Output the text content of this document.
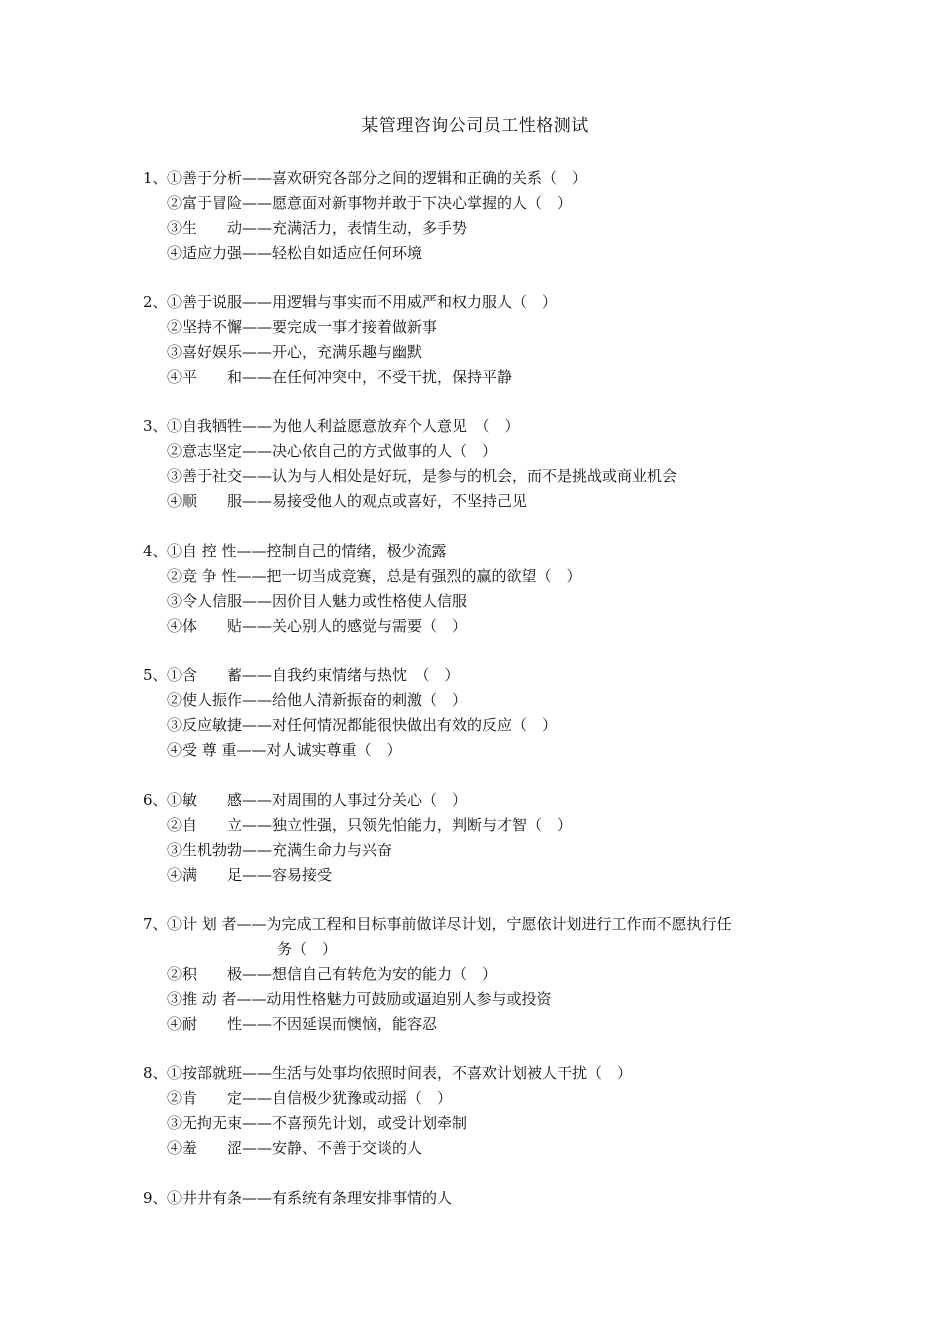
某管理咨询公司员工性格测试
1、①善于分析——喜欢研究各部分之间的逻辑和正确的关系（　）
②富于冒险——愿意面对新事物并敢于下决心掌握的人（　）
③生　　动——充满活力，表情生动，多手势
④适应力强——轻松自如适应任何环境
2、①善于说服——用逻辑与事实而不用威严和权力服人（　）
②坚持不懈——要完成一事才接着做新事
③喜好娱乐——开心，充满乐趣与幽默
④平　　和——在任何冲突中，不受干扰，保持平静
3、①自我牺牲——为他人利益愿意放弃个人意见　（　）
②意志坚定——决心依自己的方式做事的人（　）
③善于社交——认为与人相处是好玩，是参与的机会，而不是挑战或商业机会
④顺　　服——易接受他人的观点或喜好，不坚持己见
4、①自 控 性——控制自己的情绪，极少流露
②竞 争 性——把一切当成竞赛，总是有强烈的赢的欲望（　）
③令人信服——因价目人魅力或性格使人信服
④体　　贴——关心别人的感觉与需要（　）
5、①含　　蓄——自我约束情绪与热忱　（　）
②使人振作——给他人清新振奋的刺激（　）
③反应敏捷——对任何情况都能很快做出有效的反应（　）
④受 尊 重——对人诚实尊重（　）
6、①敏　　感——对周围的人事过分关心（　）
②自　　立——独立性强，只领先怕能力，判断与才智（　）
③生机勃勃——充满生命力与兴奋
④满　　足——容易接受
7、①计 划 者——为完成工程和目标事前做详尽计划，宁愿依计划进行工作而不愿执行任
务（　）
②积　　极——想信自己有转危为安的能力（　）
③推 动 者——动用性格魅力可鼓励或逼迫别人参与或投资
④耐　　性——不因延误而懊恼，能容忍
8、①按部就班——生活与处事均依照时间表，不喜欢计划被人干扰（　）
②肯　　定——自信极少犹豫或动摇（　）
③无拘无束——不喜预先计划，或受计划牵制
④羞　　涩——安静、不善于交谈的人
9、①井井有条——有系统有条理安排事情的人
